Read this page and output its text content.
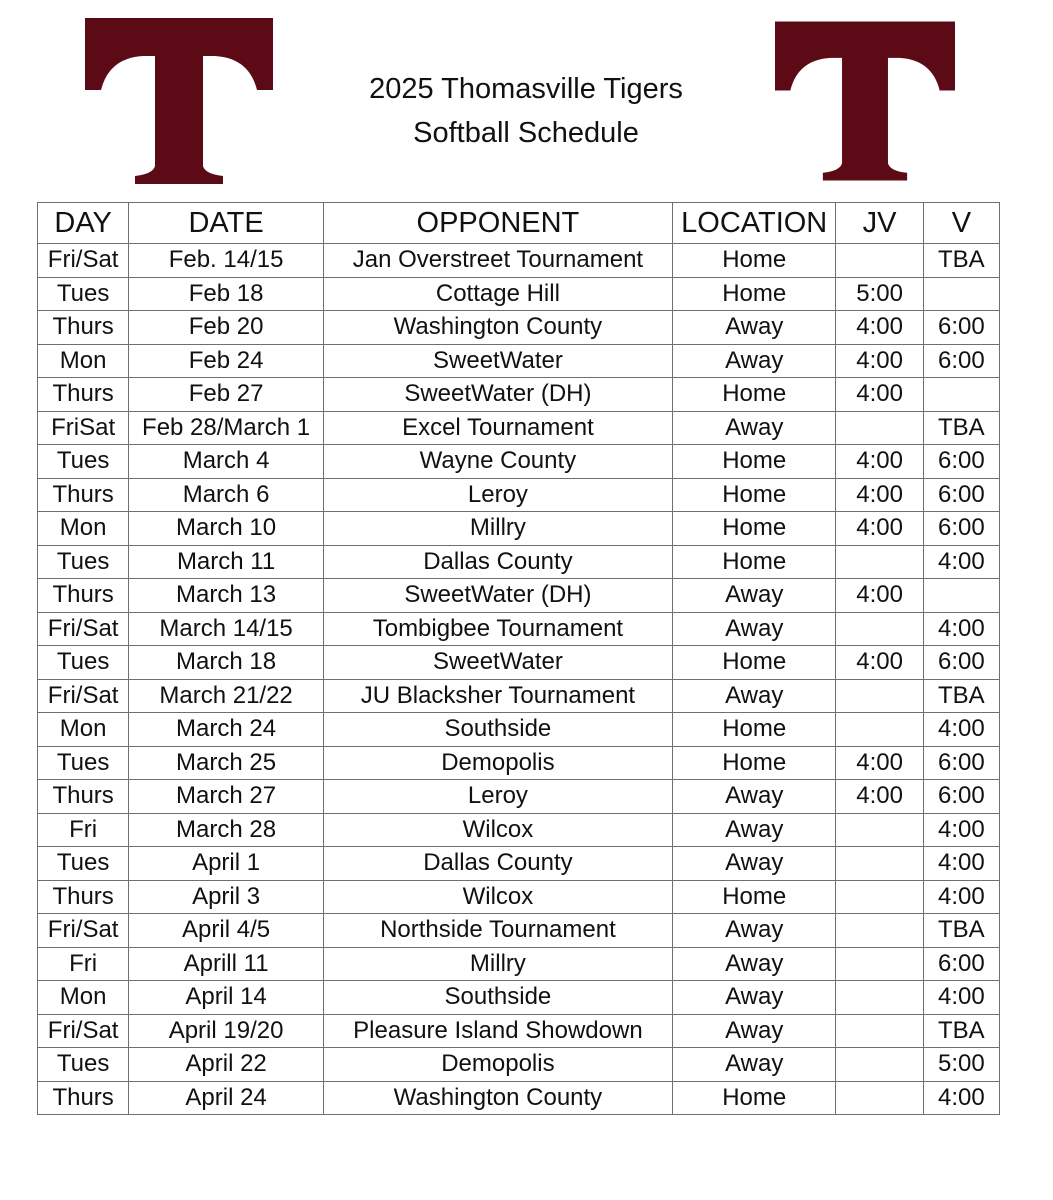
2025 Thomasville Tigers
Softball Schedule
DAY	DATE	OPPONENT	LOCATION	JV	V
Fri/Sat	Feb. 14/15	Jan Overstreet Tournament	Home		TBA
Tues	Feb 18	Cottage Hill	Home	5:00	
Thurs	Feb 20	Washington County	Away	4:00	6:00
Mon	Feb 24	SweetWater	Away	4:00	6:00
Thurs	Feb 27	SweetWater (DH)	Home	4:00	
FriSat	Feb 28/March 1	Excel Tournament	Away		TBA
Tues	March 4	Wayne County	Home	4:00	6:00
Thurs	March 6	Leroy	Home	4:00	6:00
Mon	March 10	Millry	Home	4:00	6:00
Tues	March 11	Dallas County	Home		4:00
Thurs	March 13	SweetWater (DH)	Away	4:00	
Fri/Sat	March 14/15	Tombigbee Tournament	Away		4:00
Tues	March 18	SweetWater	Home	4:00	6:00
Fri/Sat	March 21/22	JU Blacksher Tournament	Away		TBA
Mon	March 24	Southside	Home		4:00
Tues	March 25	Demopolis	Home	4:00	6:00
Thurs	March 27	Leroy	Away	4:00	6:00
Fri	March 28	Wilcox	Away		4:00
Tues	April 1	Dallas County	Away		4:00
Thurs	April 3	Wilcox	Home		4:00
Fri/Sat	April 4/5	Northside Tournament	Away		TBA
Fri	Aprill 11	Millry	Away		6:00
Mon	April 14	Southside	Away		4:00
Fri/Sat	April 19/20	Pleasure Island Showdown	Away		TBA
Tues	April 22	Demopolis	Away		5:00
Thurs	April 24	Washington County	Home		4:00
